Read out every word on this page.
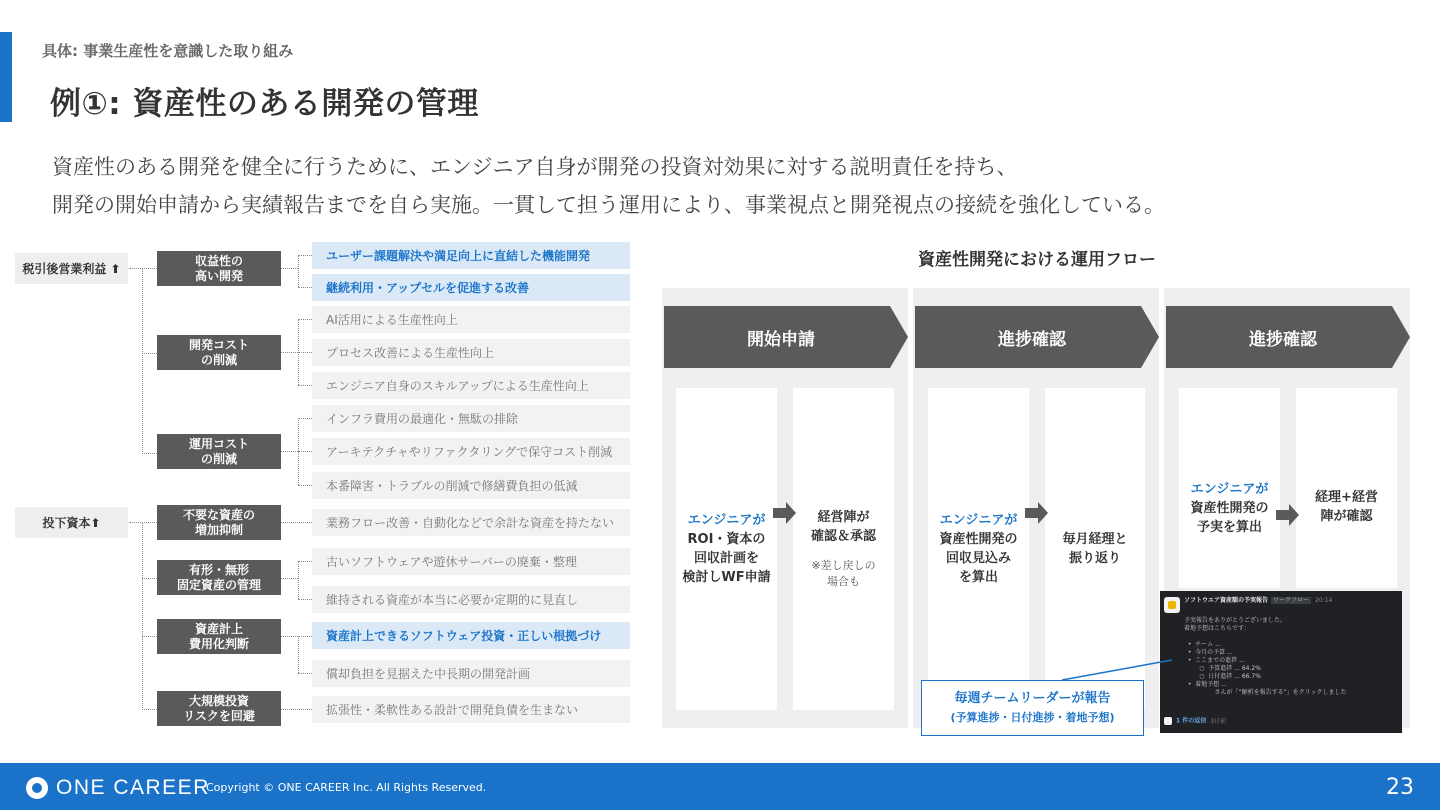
具体: 事業生産性を意識した取り組み
例①: 資産性のある開発の管理
資産性のある開発を健全に行うために、エンジニア自身が開発の投資対効果に対する説明責任を持ち、
開発の開始申請から実績報告までを自ら実施。一貫して担う運用により、事業視点と開発視点の接続を強化している。
税引後営業利益 ⬆︎
投下資本⬆︎
収益性の
高い開発
開発コスト
の削減
運用コスト
の削減
不要な資産の
増加抑制
有形・無形
固定資産の管理
資産計上
費用化判断
大規模投資
リスクを回避
ユーザー課題解決や満足向上に直結した機能開発
継続利用・アップセルを促進する改善
AI活用による生産性向上
プロセス改善による生産性向上
エンジニア自身のスキルアップによる生産性向上
インフラ費用の最適化・無駄の排除
アーキテクチャやリファクタリングで保守コスト削減
本番障害・トラブルの削減で修繕費負担の低減
業務フロー改善・自動化などで余計な資産を持たない
古いソフトウェアや遊休サーバーの廃棄・整理
維持される資産が本当に必要か定期的に見直し
資産計上できるソフトウェア投資・正しい根拠づけ
償却負担を見据えた中長期の開発計画
拡張性・柔軟性ある設計で開発負債を生まない
資産性開発における運用フロー
開始申請	進捗確認	進捗確認
エンジニアが
ROI・資本の
回収計画を
検討しWF申請
経営陣が
確認＆承認
※差し戻しの
場合も
エンジニアが
資産性開発の
回収見込み
を算出
毎月経理と
振り返り
エンジニアが
資産性開発の
予実を算出
経理+経営
陣が確認
ソフトウエア資産額の予実報告 ワークフロー 20:14
予実報告をありがとうございました。
着地予想はこちらです：

•  チーム ...
•  今月の予算 ...
•  ここまでの進捗 ...
○  予算進捗 ... 64.2%
○  日付進捗 ... 66.7%
•  着地予想 ...
さんが「“解析を報告する”」をクリックしました
1 件の返信 3日前
毎週チームリーダーが報告
(予算進捗・日付進捗・着地予想)
ONE CAREER
Copyright © ONE CAREER Inc. All Rights Reserved.	23
